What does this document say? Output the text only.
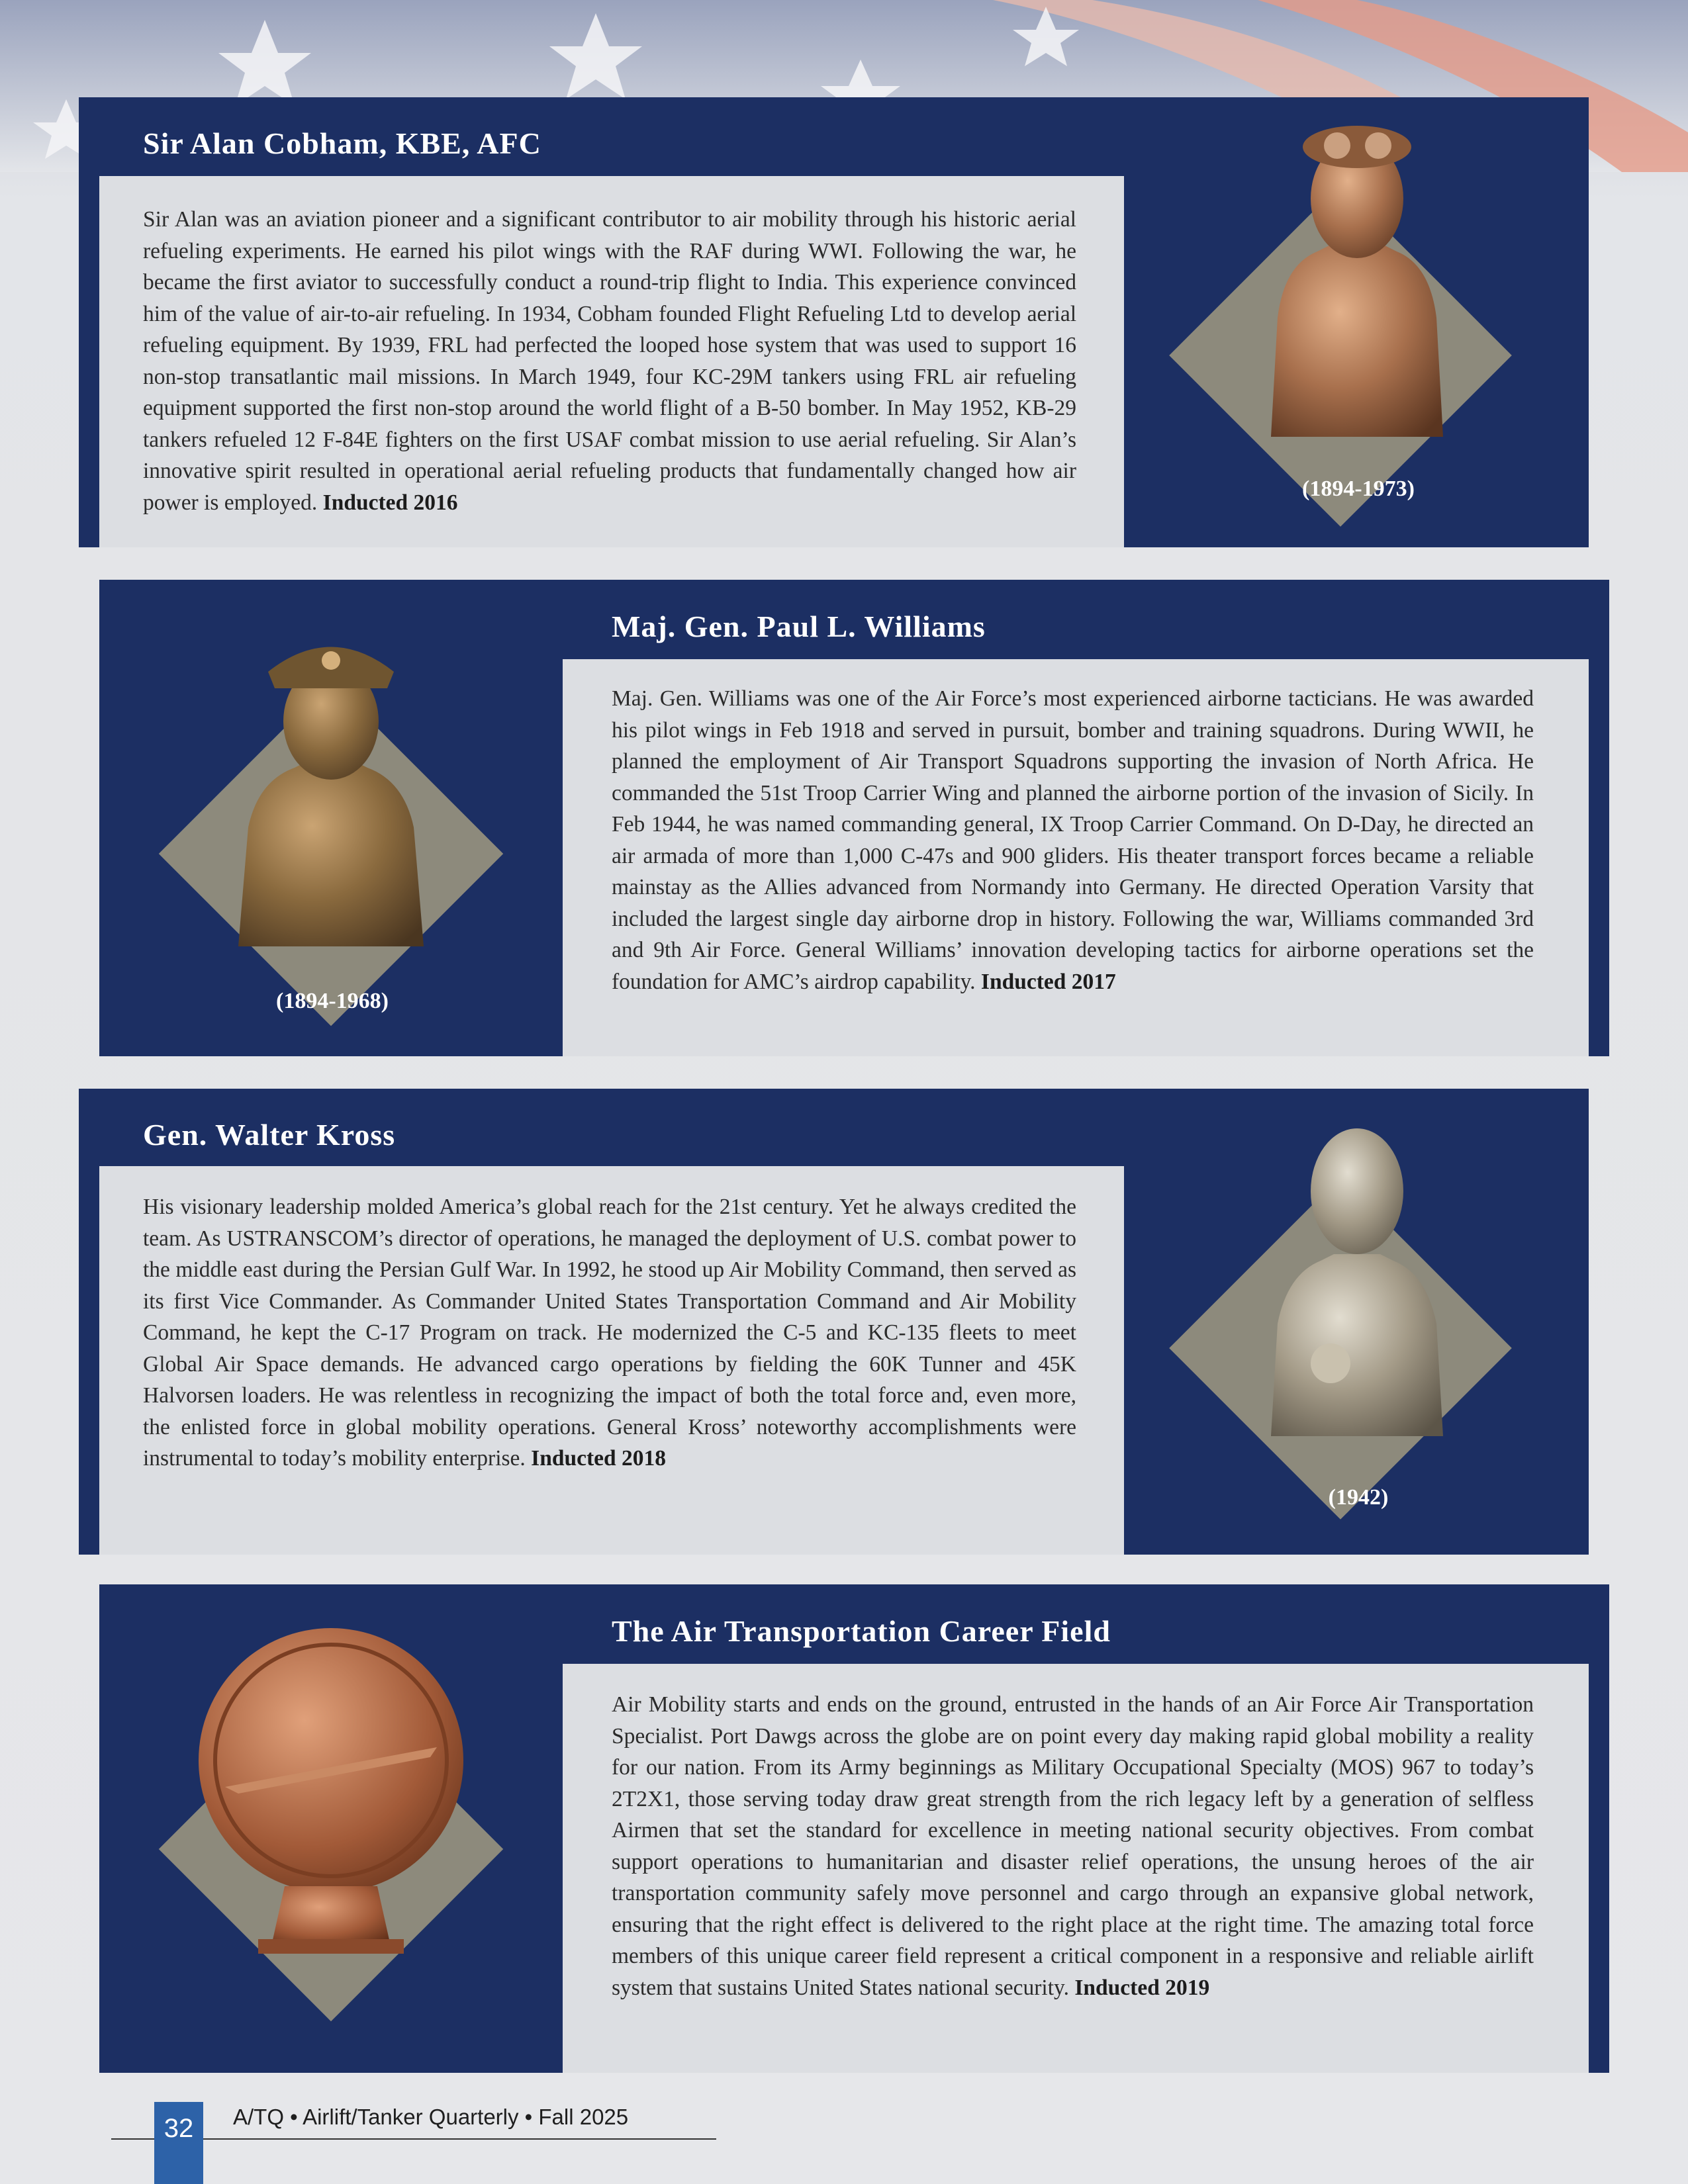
Sir Alan Cobham, KBE, AFC

Sir Alan was an aviation pioneer and a significant contributor to air mobility through his historic aerial refueling experiments. He earned his pilot wings with the RAF during WWI. Following the war, he became the first aviator to successfully conduct a round-trip flight to India. This experience convinced him of the value of air-to-air refueling. In 1934, Cobham founded Flight Refueling Ltd to develop aerial refueling equipment. By 1939, FRL had perfected the looped hose system that was used to support 16 non-stop transatlantic mail missions. In March 1949, four KC-29M tankers using FRL air refueling equipment supported the first non-stop around the world flight of a B-50 bomber. In May 1952, KB-29 tankers refueled 12 F-84E fighters on the first USAF combat mission to use aerial refueling. Sir Alan’s innovative spirit resulted in operational aerial refueling products that fundamentally changed how air power is employed. Inducted 2016

(1894-1973)
Maj. Gen. Paul L. Williams

Maj. Gen. Williams was one of the Air Force’s most experienced airborne tacticians. He was awarded his pilot wings in Feb 1918 and served in pursuit, bomber and training squadrons. During WWII, he planned the employment of Air Transport Squadrons supporting the invasion of North Africa. He commanded the 51st Troop Carrier Wing and planned the airborne portion of the invasion of Sicily. In Feb 1944, he was named commanding general, IX Troop Carrier Command. On D-Day, he directed an air armada of more than 1,000 C-47s and 900 gliders. His theater transport forces became a reliable mainstay as the Allies advanced from Normandy into Germany. He directed Operation Varsity that included the largest single day airborne drop in history. Following the war, Williams commanded 3rd and 9th Air Force. General Williams’ innovation developing tactics for airborne operations set the foundation for AMC’s airdrop capability. Inducted 2017

(1894-1968)
Gen. Walter Kross

His visionary leadership molded America’s global reach for the 21st century. Yet he always credited the team. As USTRANSCOM’s director of operations, he managed the deployment of U.S. combat power to the middle east during the Persian Gulf War. In 1992, he stood up Air Mobility Command, then served as its first Vice Commander. As Commander United States Transportation Command and Air Mobility Command, he kept the C-17 Program on track. He modernized the C-5 and KC-135 fleets to meet Global Air Space demands. He advanced cargo operations by fielding the 60K Tunner and 45K Halvorsen loaders. He was relentless in recognizing the impact of both the total force and, even more, the enlisted force in global mobility operations. General Kross’ noteworthy accomplishments were instrumental to today’s mobility enterprise. Inducted 2018

(1942)
The Air Transportation Career Field

Air Mobility starts and ends on the ground, entrusted in the hands of an Air Force Air Transportation Specialist. Port Dawgs across the globe are on point every day making rapid global mobility a reality for our nation. From its Army beginnings as Military Occupational Specialty (MOS) 967 to today’s 2T2X1, those serving today draw great strength from the rich legacy left by a generation of selfless Airmen that set the standard for excellence in meeting national security objectives. From combat support operations to humanitarian and disaster relief operations, the unsung heroes of the air transportation community safely move personnel and cargo through an expansive global network, ensuring that the right effect is delivered to the right place at the right time. The amazing total force members of this unique career field represent a critical component in a responsive and reliable airlift system that sustains United States national security. Inducted 2019

32	A/TQ • Airlift/Tanker Quarterly • Fall 2025
